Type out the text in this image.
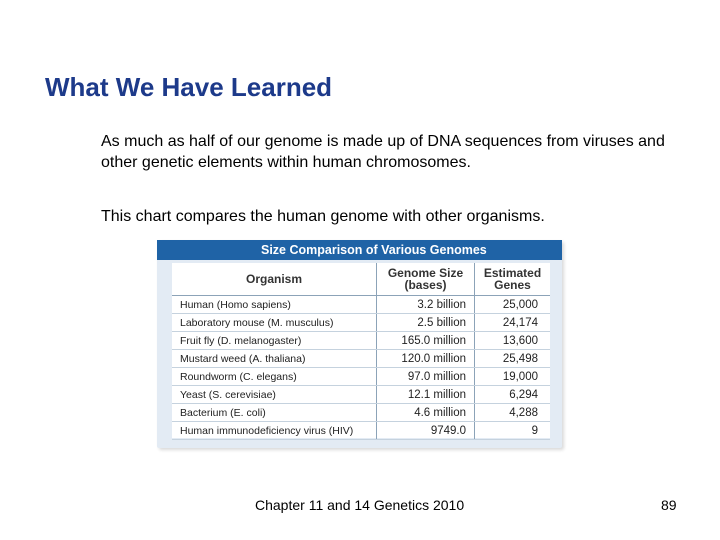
What We Have Learned
As much as half of our genome is made up of DNA sequences from viruses and other genetic elements within human chromosomes.
This chart compares the human genome with other organisms.
Size Comparison of Various Genomes
Organism	Genome Size (bases)	Estimated Genes
Human (Homo sapiens)	3.2 billion	25,000
Laboratory mouse (M. musculus)	2.5 billion	24,174
Fruit fly (D. melanogaster)	165.0 million	13,600
Mustard weed (A. thaliana)	120.0 million	25,498
Roundworm (C. elegans)	97.0 million	19,000
Yeast (S. cerevisiae)	12.1 million	6,294
Bacterium (E. coli)	4.6 million	4,288
Human immunodeficiency virus (HIV)	9749.0	9
Chapter 11 and 14 Genetics 2010	89
